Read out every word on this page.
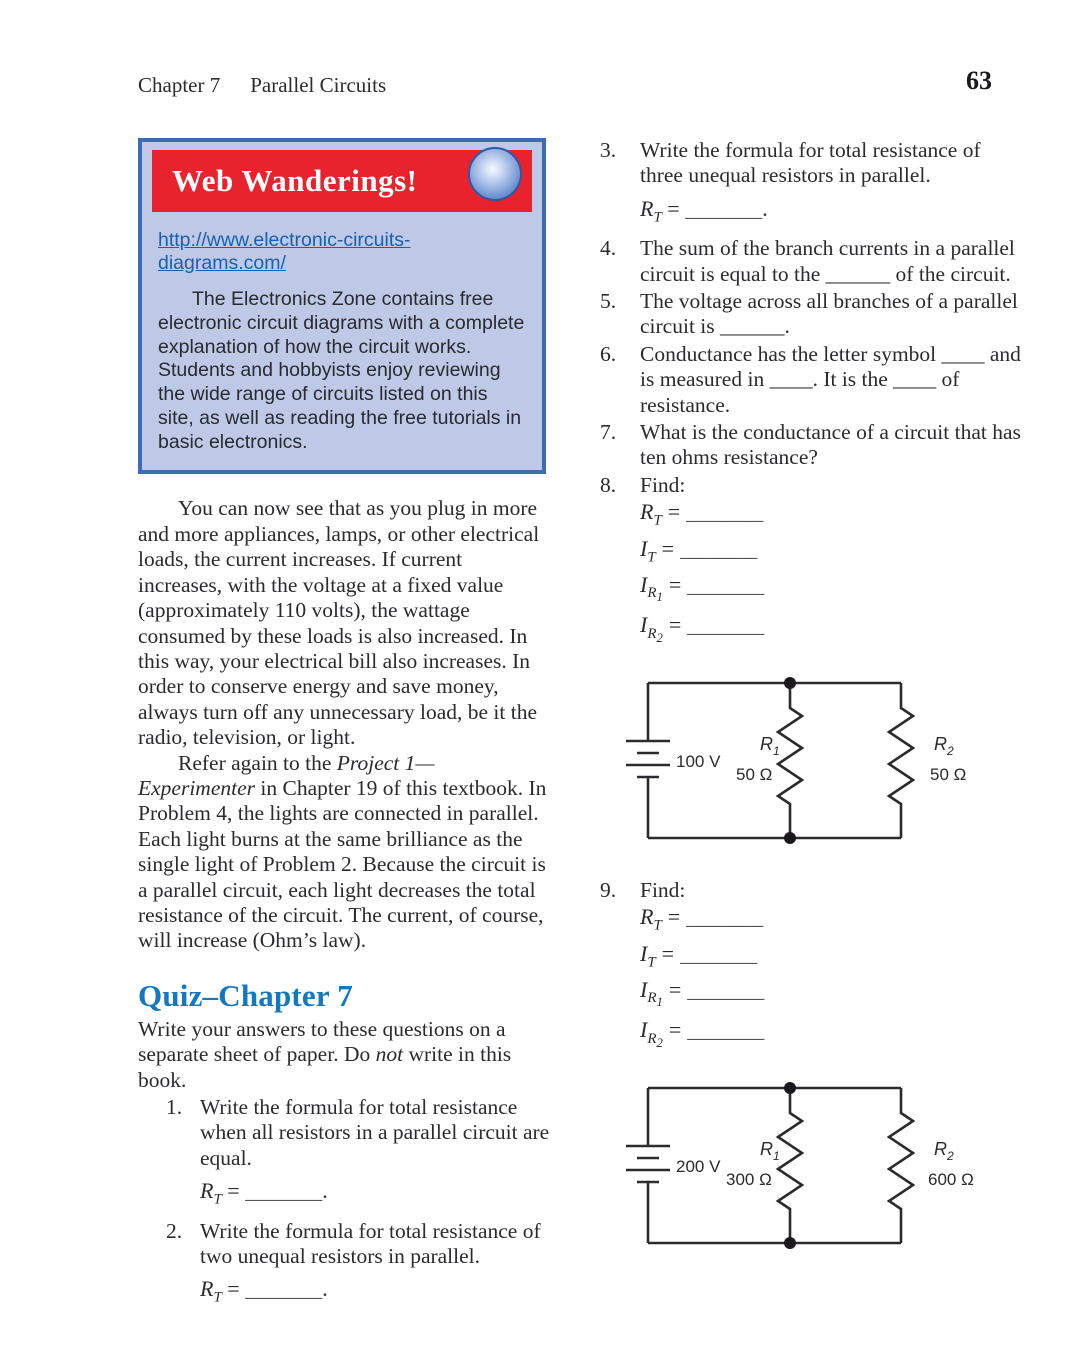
Chapter 7 Parallel Circuits	63
Web Wanderings!
http://www.electronic-circuits-diagrams.com/
The Electronics Zone contains free electronic circuit diagrams with a complete explanation of how the circuit works. Students and hobbyists enjoy reviewing the wide range of circuits listed on this site, as well as reading the free tutorials in basic electronics.

You can now see that as you plug in more and more appliances, lamps, or other electrical loads, the current increases. If current increases, with the voltage at a fixed value (approximately 110 volts), the wattage consumed by these loads is also increased. In this way, your electrical bill also increases. In order to conserve energy and save money, always turn off any unnecessary load, be it the radio, television, or light.

Refer again to the Project 1—Experimenter in Chapter 19 of this textbook. In Problem 4, the lights are connected in parallel. Each light burns at the same brilliance as the single light of Problem 2. Because the circuit is a parallel circuit, each light decreases the total resistance of the circuit. The current, of course, will increase (Ohm’s law).

Quiz–Chapter 7

Write your answers to these questions on a separate sheet of paper. Do not write in this book.

1. Write the formula for total resistance when all resistors in a parallel circuit are equal.
$R_T$ = _______.
2. Write the formula for total resistance of two unequal resistors in parallel.
$R_T$ = _______.
3. Write the formula for total resistance of three unequal resistors in parallel.
$R_T$ = _______.
4. The sum of the branch currents in a parallel circuit is equal to the ______ of the circuit.
5. The voltage across all branches of a parallel circuit is ______.
6. Conductance has the letter symbol ____ and is measured in ____. It is the ____ of resistance.
7. What is the conductance of a circuit that has ten ohms resistance?
8. Find:
$R_T$ = _______
$I_T$ = _______
$I_{R_1}=$ _______
$I_{R_2}=$ _______
100 V
$R_1$
50 Ω
$R_2$
50 Ω
9. Find:
$R_T$ = _______
$I_T$ = _______
$I_{R_1}=$ _______
$I_{R_2}=$ _______
200 V
$R_1$
300 Ω
$R_2$
600 Ω
